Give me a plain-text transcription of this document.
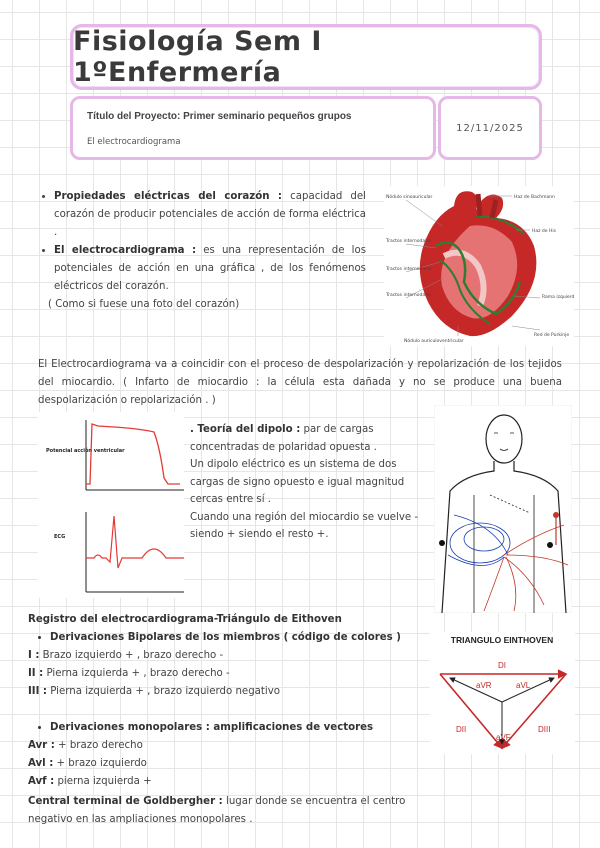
Fisiología Sem I 1ºEnfermería
Título del Proyecto: Primer seminario pequeños grupos
El electrocardiograma
12/11/2025
• Propiedades eléctricas del corazón : capacidad del corazón de producir potenciales de acción de forma eléctrica .
• El electrocardiograma : es una representación de los potenciales de acción en una gráfica , de los fenómenos eléctricos del corazón.
( Como si fuese una foto del corazón)
Nódulo sinoauricular
Tractos internodales
Tractos internodales
Tractos internodales
Haz de Bachmann
Haz de His
Rama izquierda
Red de Purkinje
Nódulo auriculoventricular
El Electrocardiograma va a coincidir con el proceso de despolarización y repolarización de los tejidos del miocardio. ( Infarto de miocardio : la célula esta dañada y no se produce una buena despolarización o repolarización . )
Potencial acción ventricular
ECG
. Teoría del dipolo : par de cargas concentradas de polaridad opuesta .
Un dipolo eléctrico es un sistema de dos cargas de signo opuesto e igual magnitud cercas entre sí .
Cuando una región del miocardio se vuelve - siendo + siendo el resto +.
Registro del electrocardiograma-Triángulo de Eithoven
• Derivaciones Bipolares de los miembros ( código de colores )
I : Brazo izquierdo + , brazo derecho -
II : Pierna izquierda + , brazo derecho -
III : Pierna izquierda + , brazo izquierdo negativo
• Derivaciones monopolares : amplificaciones de vectores
Avr : + brazo derecho
Avl : + brazo izquierdo
Avf : pierna izquierda +
Central terminal de Goldbergher : lugar donde se encuentra el centro negativo en las ampliaciones monopolares .
TRIANGULO EINTHOVEN
DI
DII	DIII
aVR	aVL
aVF
